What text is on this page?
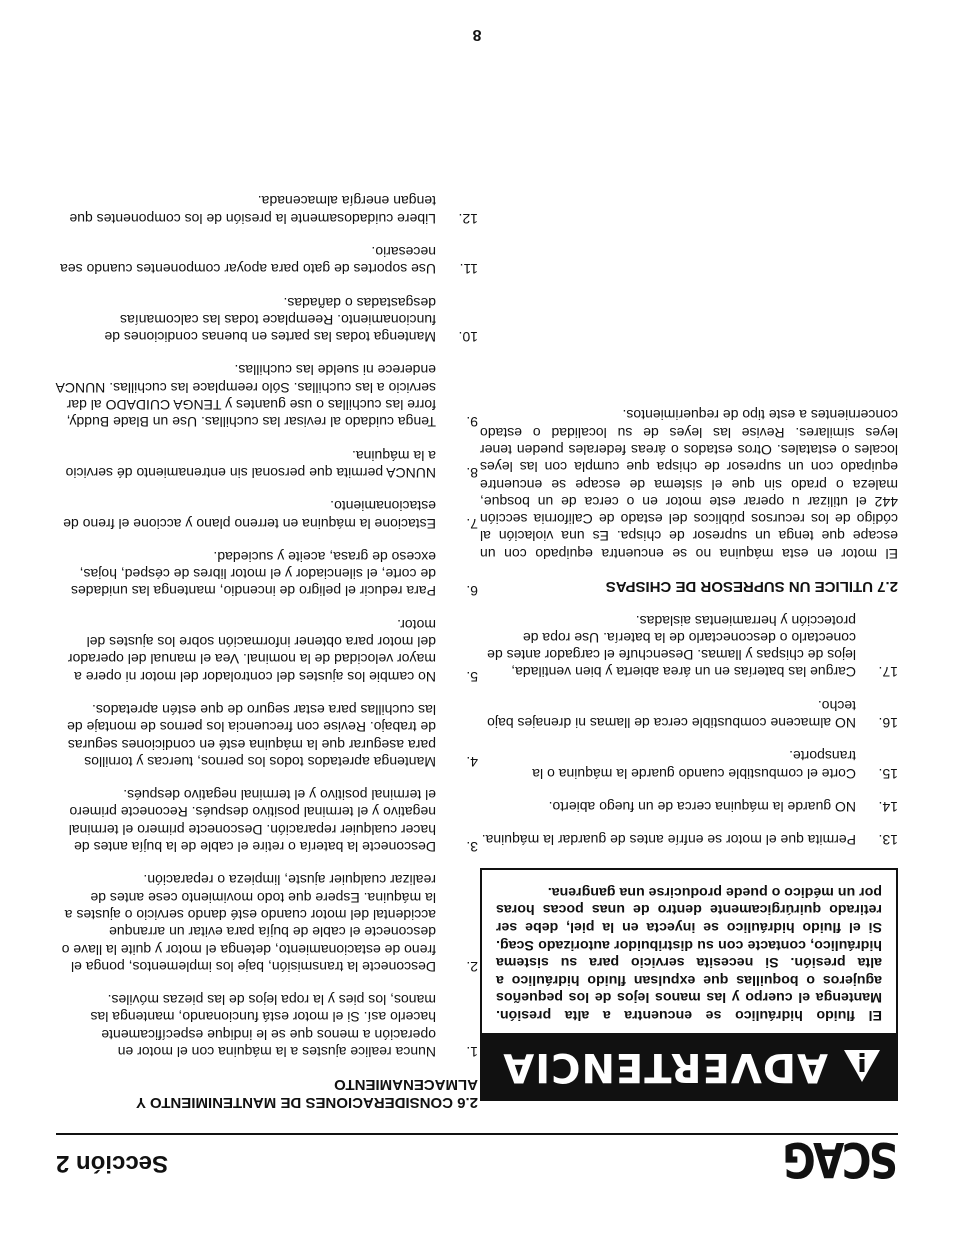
SCAG
Sección 2
ADVERTENCIA
El fluido hidráulico se encuentra a alta presión. Mantenga el cuerpo y las manos lejos de los pequeños agujeros o boquillas que expulsan fluido hidráulico a alta presión. Si necesita servicio para su sistema hidráulico, contacte con su distribuidor autorizado Scag. Si el fluido hidráulico se inyecta en la piel, debe ser retirado quirúrgicamente dentro de unas pocas horas por un médico o puede producirse una gangrena.
13.
Permita que el motor se enfríe antes de guardar la máquina.
14.
NO guarde la máquina cerca de un fuego abierto.
15.
Corte el combustible cuando guarde la máquina o la transporte.
16.
NO almacene combustible cerca de llamas ni drenajes bajo techo.
17.
Cargue las baterías en un área abierta y bien ventilada, lejos de chispas y llamas. Desenchufe el cargador antes de conectarlo o desconectarlo de la batería. Use ropa de protección y herramientas aisladas.
2.7 UTILICE UN SUPRESOR DE CHISPAS

El motor en esta máquina no se encuentra equipado con un escape que tenga un supresor de chispa. Es una violación al código de los recursos públicos del estado de California sección 442 el utilizar u operar este motor en o cerca de un bosque, maleza o prado sin que el sistema de escape se encuentre equipado con un supresor de chispa que cumpla con las leyes locales o estatales. Otros estados o áreas federales pueden tener leyes similares. Revise las leyes de su localidad o estado concernientes a este tipo de requerimientos.

2.6 CONSIDERACIONES DE MANTENIMIENTO Y ALMACENAMIENTO
1.
Nunca realice ajustes a la máquina con el motor en operación a menos que se le indique específicamente hacerlo así. Si el motor está funcionando, mantenga las manos, los pies y la ropa lejos de las piezas móviles.
2.
Desconecte la transmisión, baje los implementos, ponga el freno de estacionamiento, detenga el motor y quite la llave o desconecte el cable de bujía para evitar un arranque accidental del motor cuando esté dando servicio o ajustes a la máquina. Espere que todo movimiento cese antes de realizar cualquier ajuste, limpieza o reparación.
3.
Desconecte la batería o retire el cable de la bujía antes de hacer cualquier reparación. Desconecte primero el terminal negativo y el terminal positivo después. Reconecte primero el terminal positivo y el terminal negativo después.
4.
Mantenga apretados todos los pernos, tuercas y tornillos para asegurar que la máquina esté en condiciones seguras de trabajo. Revise con frecuencia los pernos de montaje de las cuchillas para estar seguro de que estén apretados.
5.
No cambie los ajustes del controlador del motor ni opere a mayor velocidad de la nominal. Vea el manual del operador del motor para obtener información sobre los ajustes del motor.
6.
Para reducir el peligro de incendio, mantenga las unidades de corte, el silenciador y el motor libres de césped, hojas, exceso de grasa, aceite y suciedad.
7.
Estacione la máquina en terreno plano y accione el freno de estacionamiento.
8.
NUNCA permita que personal sin entrenamiento dé servicio a la máquina.
9.
Tenga cuidado al revisar las cuchillas. Use un Blade Buddy, forre las cuchillas o use guantes y TENGA CUIDADO al dar servicio a las cuchillas. Sólo reemplace las cuchillas. NUNCA enderece ni suelde las cuchillas.
10.
Mantenga todas las partes en buenas condiciones de funcionamiento. Reemplace todas las calcomanías desgastadas o dañadas.
11.
Use soportes de gato para apoyar componentes cuando sea necesario.
12.
Libere cuidadosamente la presión de los componentes que tengan energía almacenada.
8
